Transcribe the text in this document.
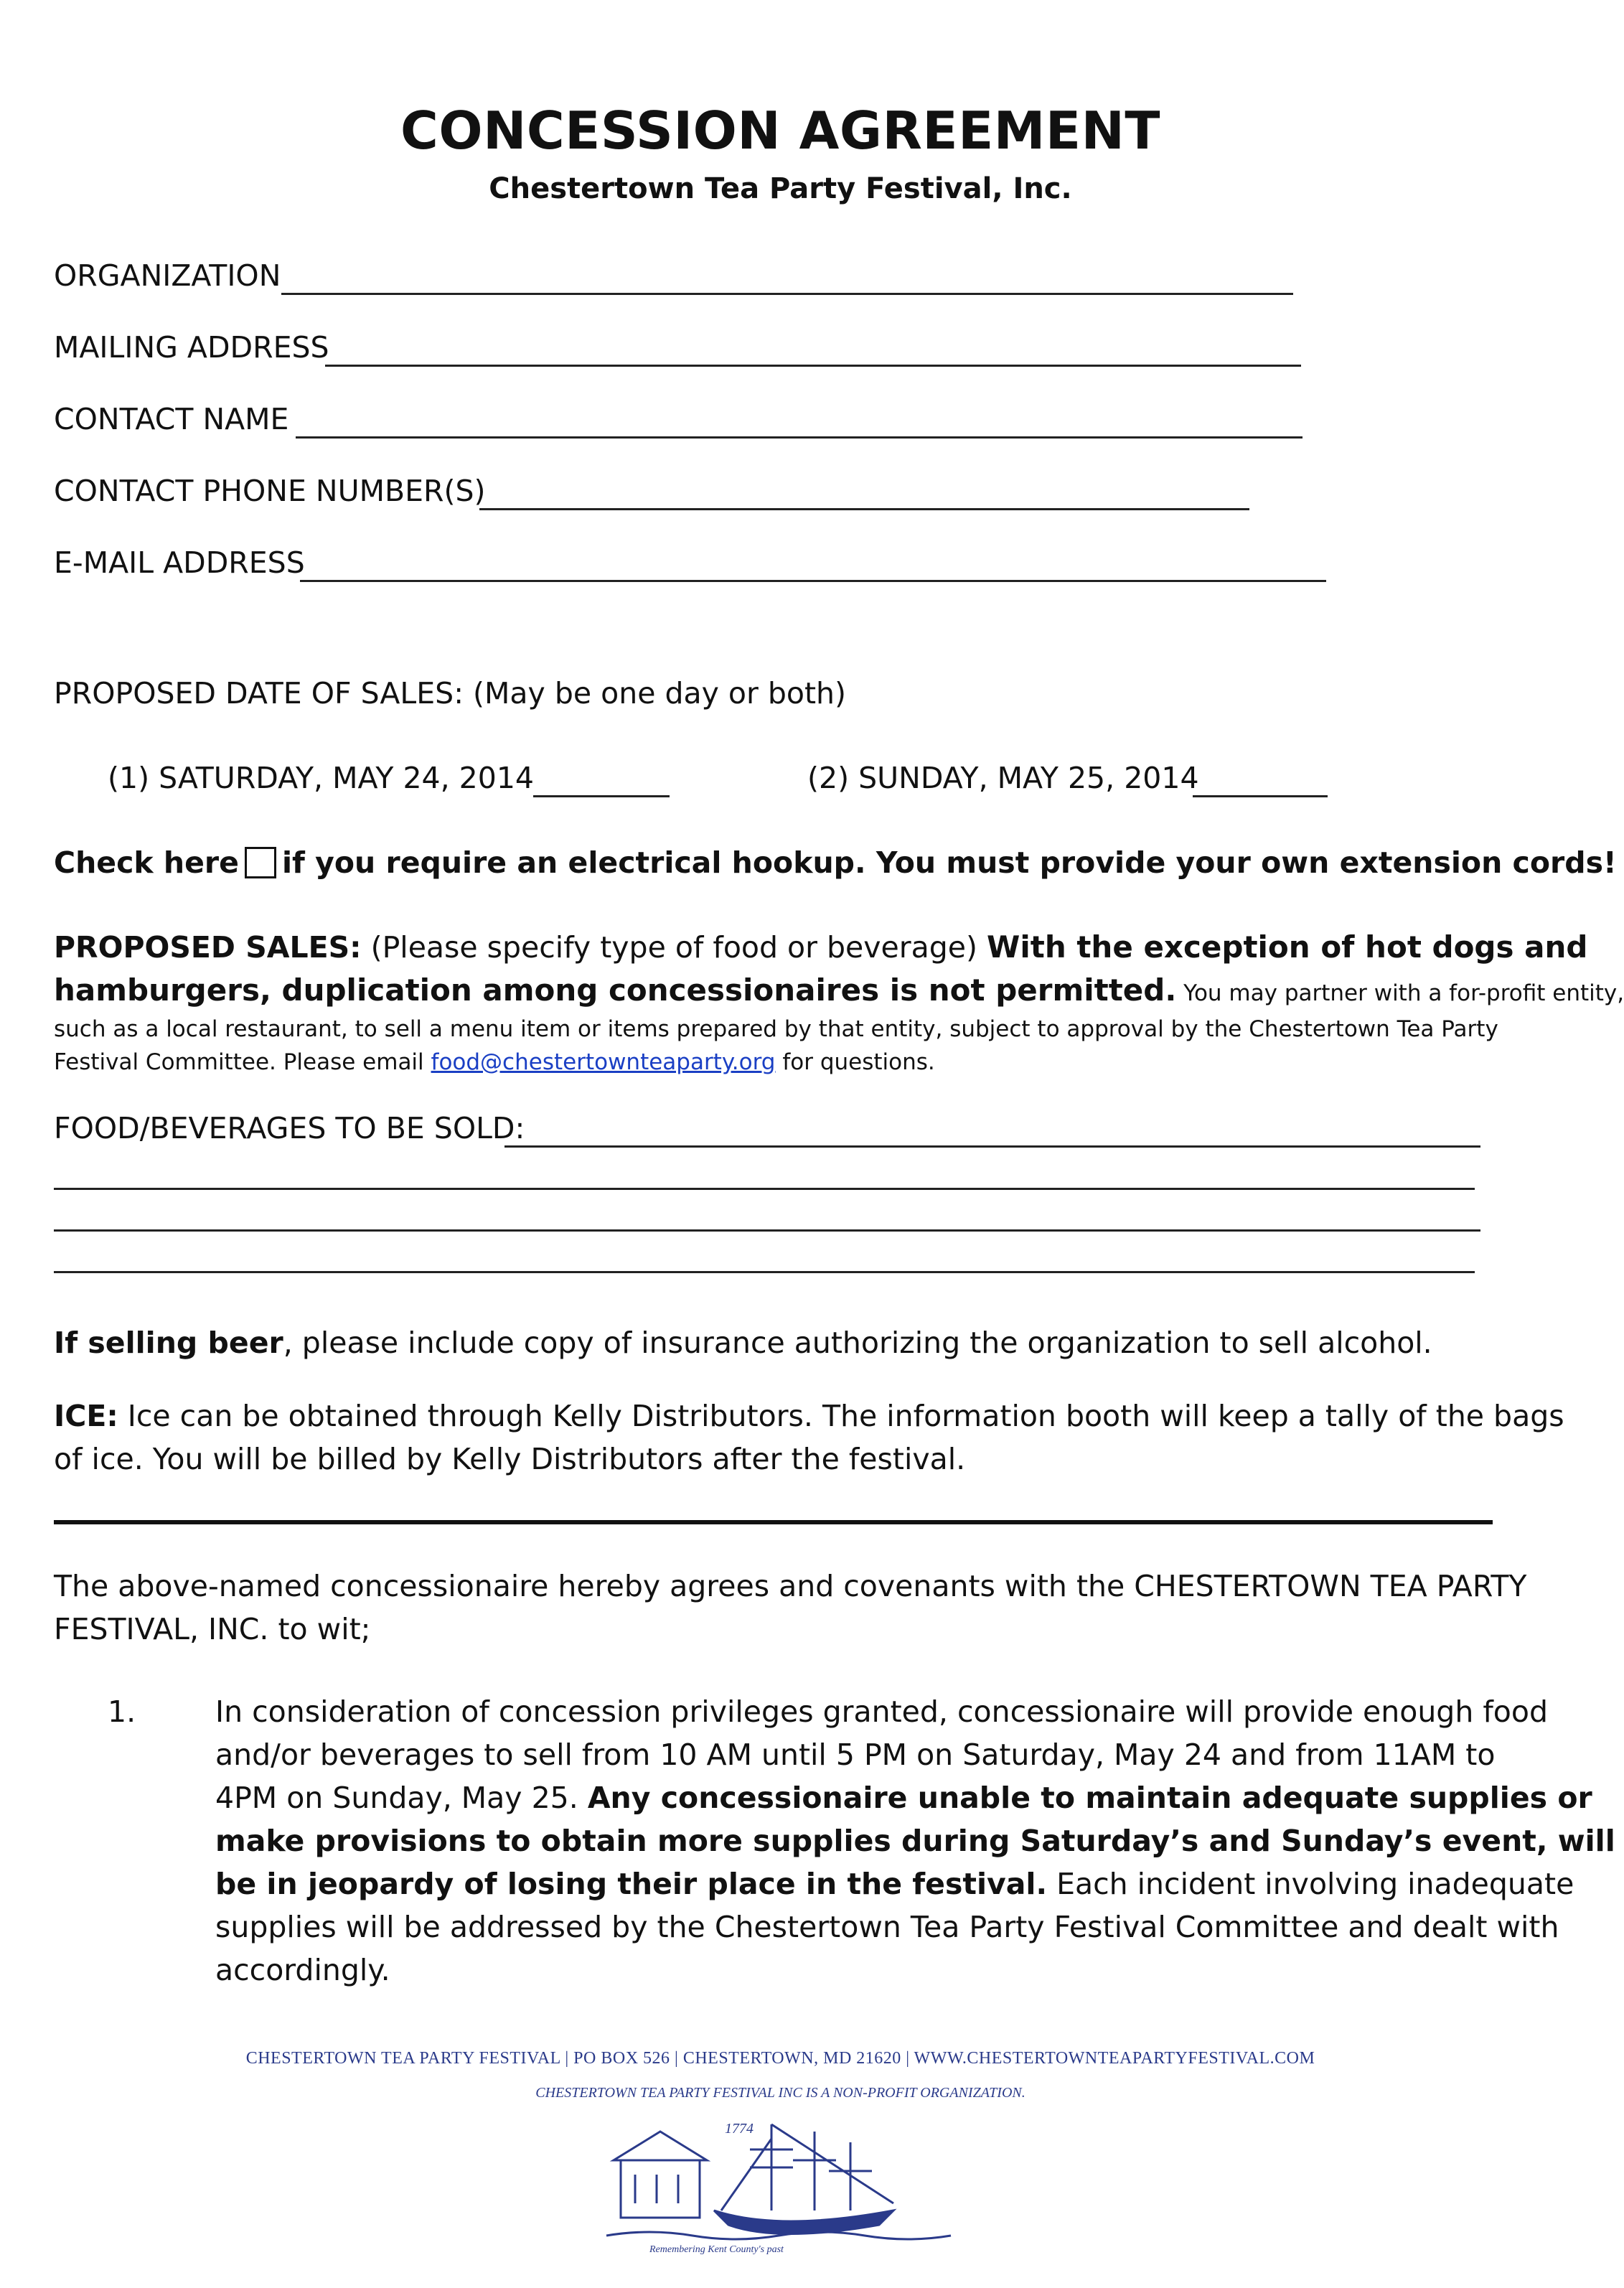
CONCESSION AGREEMENT
Chestertown Tea Party Festival, Inc.
ORGANIZATION
MAILING ADDRESS
CONTACT NAME
CONTACT PHONE NUMBER(S)
E-MAIL ADDRESS
PROPOSED DATE OF SALES: (May be one day or both)
(1) SATURDAY, MAY 24, 2014	(2) SUNDAY, MAY 25, 2014
Check here if you require an electrical hookup. You must provide your own extension cords!
PROPOSED SALES: (Please specify type of food or beverage) With the exception of hot dogs and
hamburgers, duplication among concessionaires is not permitted. You may partner with a for-profit entity,
such as a local restaurant, to sell a menu item or items prepared by that entity, subject to approval by the Chestertown Tea Party
Festival Committee. Please email food@chestertownteaparty.org for questions.
FOOD/BEVERAGES TO BE SOLD:
If selling beer, please include copy of insurance authorizing the organization to sell alcohol.
ICE: Ice can be obtained through Kelly Distributors. The information booth will keep a tally of the bags
of ice. You will be billed by Kelly Distributors after the festival.
The above-named concessionaire hereby agrees and covenants with the CHESTERTOWN TEA PARTY
FESTIVAL, INC. to wit;
1.	In consideration of concession privileges granted, concessionaire will provide enough food
and/or beverages to sell from 10 AM until 5 PM on Saturday, May 24 and from 11AM to
4PM on Sunday, May 25. Any concessionaire unable to maintain adequate supplies or
make provisions to obtain more supplies during Saturday’s and Sunday’s event, will
be in jeopardy of losing their place in the festival. Each incident involving inadequate
supplies will be addressed by the Chestertown Tea Party Festival Committee and dealt with
accordingly.
CHESTERTOWN TEA PARTY FESTIVAL | PO BOX 526 | CHESTERTOWN, MD 21620 | WWW.CHESTERTOWNTEAPARTYFESTIVAL.COM
CHESTERTOWN TEA PARTY FESTIVAL INC IS A NON-PROFIT ORGANIZATION.
1774
Remembering Kent County's past
